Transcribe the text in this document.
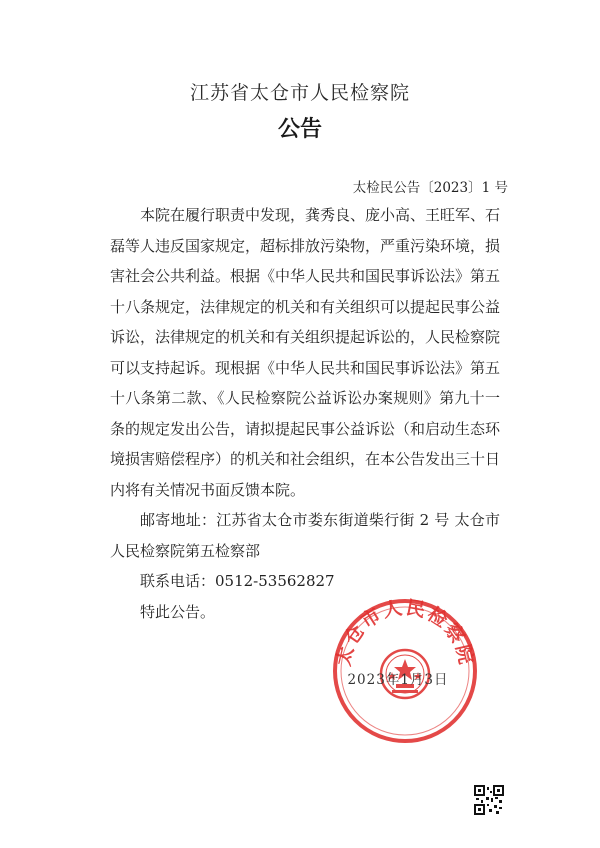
江苏省太仓市人民检察院
公告
太检民公告〔2023〕1 号

本院在履行职责中发现，龚秀良、庞小高、王旺军、石磊等人违反国家规定，超标排放污染物，严重污染环境，损害社会公共利益。根据《中华人民共和国民事诉讼法》第五十八条规定，法律规定的机关和有关组织可以提起民事公益诉讼，法律规定的机关和有关组织提起诉讼的，人民检察院可以支持起诉。现根据《中华人民共和国民事诉讼法》第五十八条第二款、《人民检察院公益诉讼办案规则》第九十一条的规定发出公告，请拟提起民事公益诉讼（和启动生态环境损害赔偿程序）的机关和社会组织，在本公告发出三十日内将有关情况书面反馈本院。

邮寄地址：江苏省太仓市娄东街道柴行街 2 号 太仓市人民检察院第五检察部

联系电话：0512-53562827

特此公告。

太仓市人民检察院
2023年1月3日
